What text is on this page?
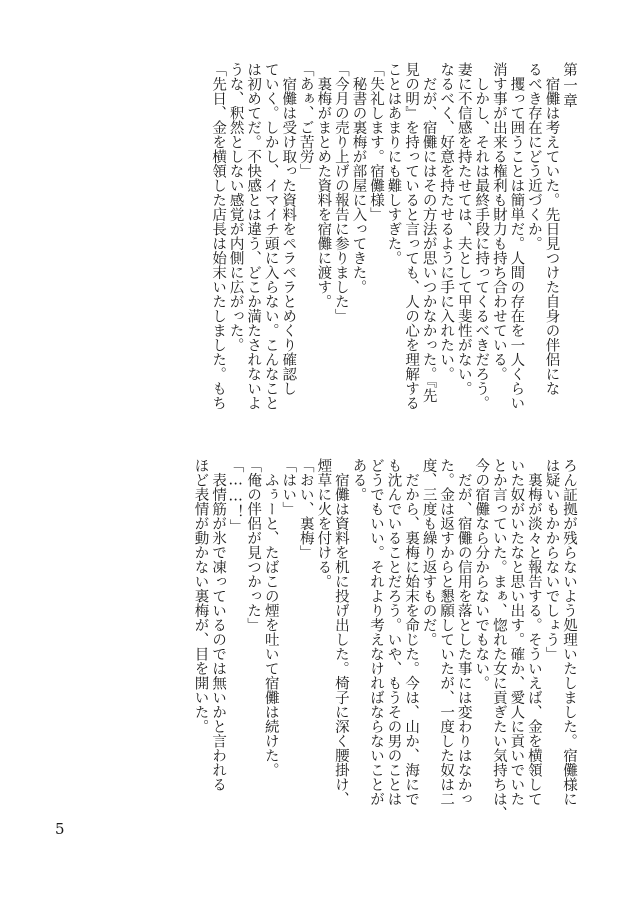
第一章

　宿儺は考えていた。先日見つけた自身の伴侶にな

るべき存在にどう近づくか。

　攫って囲うことは簡単だ。人間の存在を一人くらい

消す事が出来る権利も財力も持ち合わせている。

　しかし、それは最終手段に持ってくるべきだろう。

妻に不信感を持たせては、夫として甲斐性がない。

なるべく、好意を持たせるように手に入れたい。

　だが、宿儺にはその方法が思いつかなかった。『先

見の明』を持っていると言っても、人の心を理解する

ことはあまりにも難しすぎた。

「失礼します。宿儺様」

　秘書の裏梅が部屋に入ってきた。

「今月の売り上げの報告に参りました」

　裏梅がまとめた資料を宿儺に渡す。

「あぁ、ご苦労」

　宿儺は受け取った資料をペラペラとめくり確認し

ていく。しかし、イマイチ頭に入らない。こんなこと

は初めてだ。不快感とは違う、どこか満たされないよ

うな、釈然としない感覚が内側に広がった。

「先日、金を横領した店長は始末いたしました。もち

ろん証拠が残らないよう処理いたしました。宿儺様に

は疑いもかからないでしょう」

　裏梅が淡々と報告する。そういえば、金を横領して

いた奴がいたなと思い出す。確か、愛人に貢いでいた

とか言っていた。まぁ、惚れた女に貢ぎたい気持ちは、

今の宿儺なら分からないでもない。

　だが、宿儺の信用を落とした事には変わりはなかっ

た。金は返すからと懇願していたが、一度した奴は二

度、三度も繰り返すものだ。

　だから、裏梅に始末を命じた。今は、山か、海にで

も沈んでいることだろう。いや、もうその男のことは

どうでもいい。それより考えなければならないことが

ある。

　宿儺は資料を机に投げ出した。椅子に深く腰掛け、

煙草に火を付ける。

「おい、裏梅」

「はい」

　ふぅーと、たばこの煙を吐いて宿儺は続けた。

「俺の伴侶が見つかった」

「……！」

　表情筋が氷で凍っているのでは無いかと言われる

ほど表情が動かない裏梅が、目を開いた。

5
